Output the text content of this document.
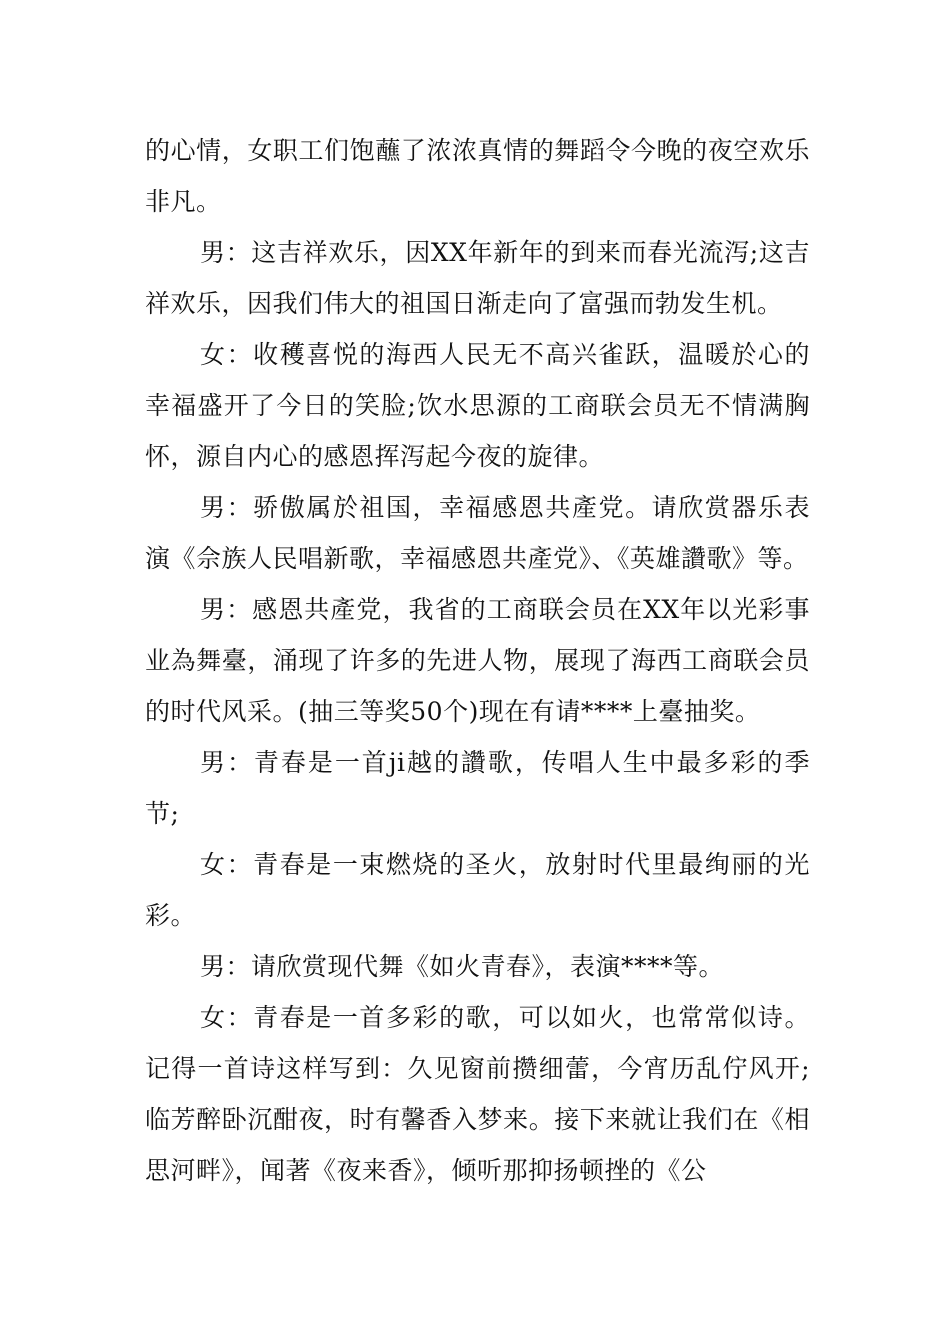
的心情，女职工们饱蘸了浓浓真情的舞蹈令今晚的夜空欢乐非凡。

男：这吉祥欢乐，因XX年新年的到来而春光流泻;这吉祥欢乐，因我们伟大的祖国日渐走向了富强而勃发生机。

女：收穫喜悦的海西人民无不高兴雀跃，温暖於心的幸福盛开了今日的笑脸;饮水思源的工商联会员无不情满胸怀，源自内心的感恩挥泻起今夜的旋律。

男：骄傲属於祖国，幸福感恩共產党。请欣赏器乐表演《佘族人民唱新歌，幸福感恩共產党》、《英雄讚歌》等。

男：感恩共產党，我省的工商联会员在XX年以光彩事业為舞臺，涌现了许多的先进人物，展现了海西工商联会员的时代风采。(抽三等奖50个)现在有请****上臺抽奖。

男：青春是一首ji越的讚歌，传唱人生中最多彩的季节;

女：青春是一束燃烧的圣火，放射时代里最绚丽的光彩。

男：请欣赏现代舞《如火青春》，表演****等。

女：青春是一首多彩的歌，可以如火，也常常似诗。记得一首诗这样写到：久见窗前攒细蕾，今宵历乱佇风开;临芳醉卧沉酣夜，时有馨香入梦来。接下来就让我们在《相思河畔》，闻著《夜来香》，倾听那抑扬顿挫的《公
